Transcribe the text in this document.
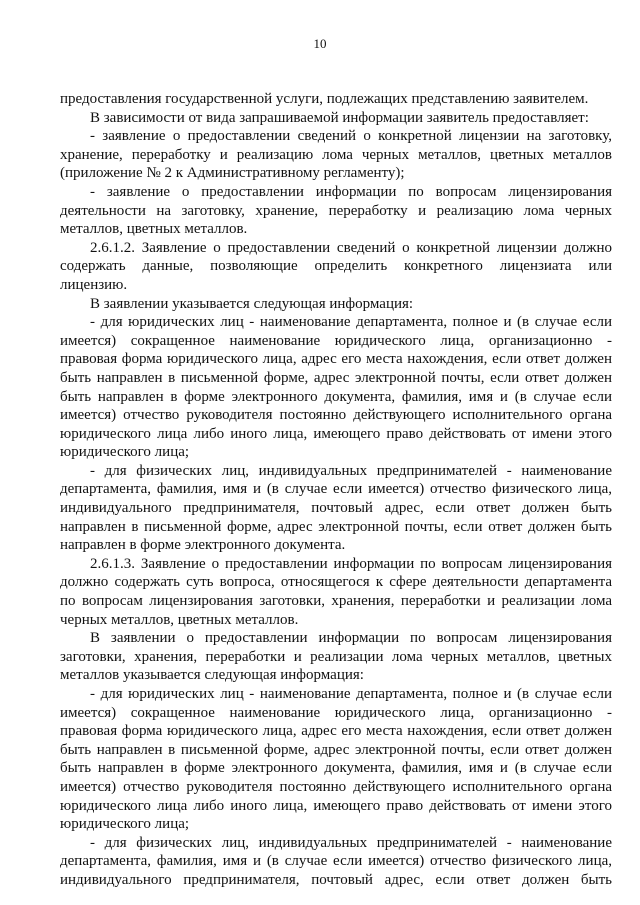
10
предоставления государственной услуги, подлежащих представлению заявителем.
В зависимости от вида запрашиваемой информации заявитель предоставляет:
- заявление о предоставлении сведений о конкретной лицензии на заготовку,
хранение, переработку и реализацию лома черных металлов, цветных металлов
(приложение № 2 к Административному регламенту);
- заявление о предоставлении информации по вопросам лицензирования
деятельности на заготовку, хранение, переработку и реализацию лома черных
металлов, цветных металлов.
2.6.1.2. Заявление о предоставлении сведений о конкретной лицензии должно
содержать данные, позволяющие определить конкретного лицензиата или
лицензию.
В заявлении указывается следующая информация:
- для юридических лиц - наименование департамента, полное и (в случае если
имеется) сокращенное наименование юридического лица, организационно -
правовая форма юридического лица, адрес его места нахождения, если ответ должен
быть направлен в письменной форме, адрес электронной почты, если ответ должен
быть направлен в форме электронного документа, фамилия, имя и (в случае если
имеется) отчество руководителя постоянно действующего исполнительного органа
юридического лица либо иного лица, имеющего право действовать от имени этого
юридического лица;
- для физических лиц, индивидуальных предпринимателей - наименование
департамента, фамилия, имя и (в случае если имеется) отчество физического лица,
индивидуального предпринимателя, почтовый адрес, если ответ должен быть
направлен в письменной форме, адрес электронной почты, если ответ должен быть
направлен в форме электронного документа.
2.6.1.3. Заявление о предоставлении информации по вопросам лицензирования
должно содержать суть вопроса, относящегося к сфере деятельности департамента
по вопросам лицензирования заготовки, хранения, переработки и реализации лома
черных металлов, цветных металлов.
В заявлении о предоставлении информации по вопросам лицензирования
заготовки, хранения, переработки и реализации лома черных металлов, цветных
металлов указывается следующая информация:
- для юридических лиц - наименование департамента, полное и (в случае если
имеется) сокращенное наименование юридического лица, организационно -
правовая форма юридического лица, адрес его места нахождения, если ответ должен
быть направлен в письменной форме, адрес электронной почты, если ответ должен
быть направлен в форме электронного документа, фамилия, имя и (в случае если
имеется) отчество руководителя постоянно действующего исполнительного органа
юридического лица либо иного лица, имеющего право действовать от имени этого
юридического лица;
- для физических лиц, индивидуальных предпринимателей - наименование
департамента, фамилия, имя и (в случае если имеется) отчество физического лица,
индивидуального предпринимателя, почтовый адрес, если ответ должен быть
